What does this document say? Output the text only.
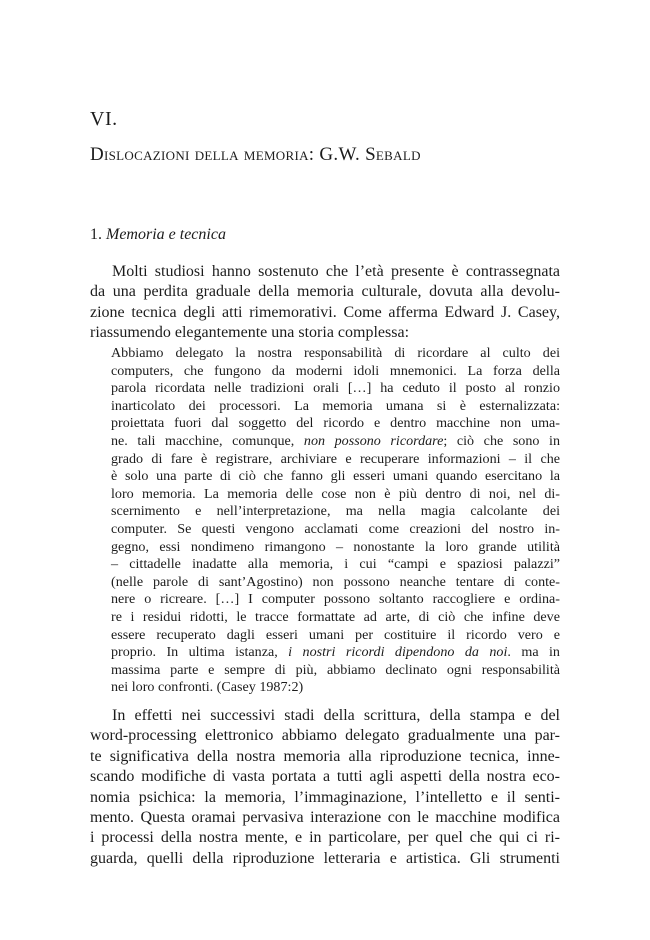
VI.
Dislocazioni della memoria: G.W. Sebald
1. Memoria e tecnica
Molti studiosi hanno sostenuto che l’età presente è contrassegnata
da una perdita graduale della memoria culturale, dovuta alla devolu-
zione tecnica degli atti rimemorativi. Come afferma Edward J. Casey,
riassumendo elegantemente una storia complessa:
Abbiamo delegato la nostra responsabilità di ricordare al culto dei
computers, che fungono da moderni idoli mnemonici. La forza della
parola ricordata nelle tradizioni orali […] ha ceduto il posto al ronzio
inarticolato dei processori. La memoria umana si è esternalizzata:
proiettata fuori dal soggetto del ricordo e dentro macchine non uma-
ne. tali macchine, comunque, non possono ricordare; ciò che sono in
grado di fare è registrare, archiviare e recuperare informazioni – il che
è solo una parte di ciò che fanno gli esseri umani quando esercitano la
loro memoria. La memoria delle cose non è più dentro di noi, nel di-
scernimento e nell’interpretazione, ma nella magia calcolante dei
computer. Se questi vengono acclamati come creazioni del nostro in-
gegno, essi nondimeno rimangono – nonostante la loro grande utilità
– cittadelle inadatte alla memoria, i cui “campi e spaziosi palazzi”
(nelle parole di sant’Agostino) non possono neanche tentare di conte-
nere o ricreare. […] I computer possono soltanto raccogliere e ordina-
re i residui ridotti, le tracce formattate ad arte, di ciò che infine deve
essere recuperato dagli esseri umani per costituire il ricordo vero e
proprio. In ultima istanza, i nostri ricordi dipendono da noi. ma in
massima parte e sempre di più, abbiamo declinato ogni responsabilità
nei loro confronti. (Casey 1987:2)
In effetti nei successivi stadi della scrittura, della stampa e del
word-processing elettronico abbiamo delegato gradualmente una par-
te significativa della nostra memoria alla riproduzione tecnica, inne-
scando modifiche di vasta portata a tutti agli aspetti della nostra eco-
nomia psichica: la memoria, l’immaginazione, l’intelletto e il senti-
mento. Questa oramai pervasiva interazione con le macchine modifica
i processi della nostra mente, e in particolare, per quel che qui ci ri-
guarda, quelli della riproduzione letteraria e artistica. Gli strumenti
